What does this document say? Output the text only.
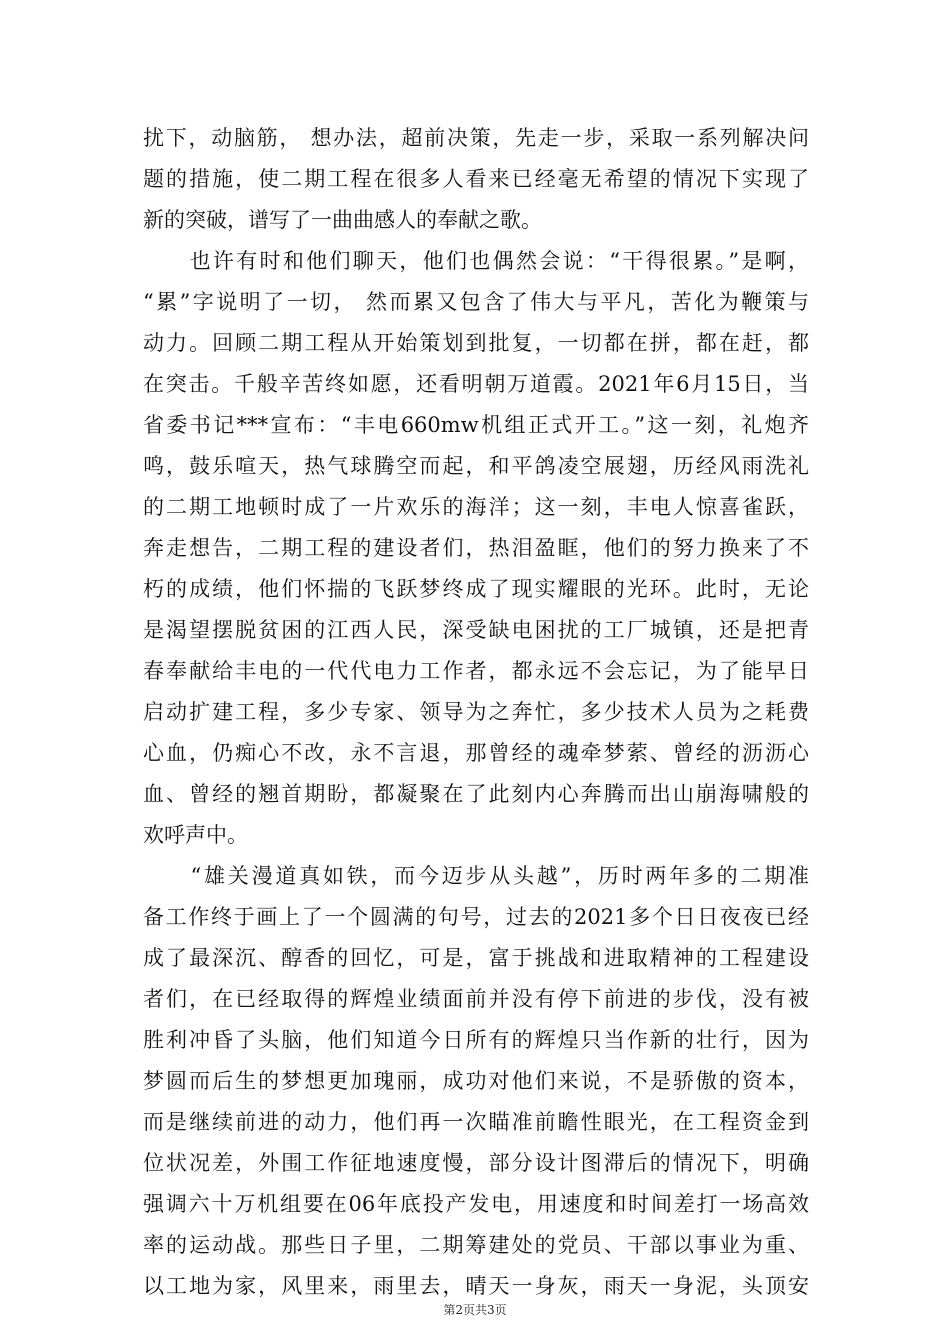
扰下，动脑筋， 想办法，超前决策，先走一步，采取一系列解决问
题的措施，使二期工程在很多人看来已经毫无希望的情况下实现了
新的突破，谱写了一曲曲感人的奉献之歌。
　　也许有时和他们聊天，他们也偶然会说：“干得很累。”是啊，
“累”字说明了一切， 然而累又包含了伟大与平凡，苦化为鞭策与
动力。回顾二期工程从开始策划到批复，一切都在拼，都在赶，都
在突击。千般辛苦终如愿，还看明朝万道霞。2021年6月15日，当
省委书记***宣布：“丰电660mw机组正式开工。”这一刻，礼炮齐
鸣，鼓乐喧天，热气球腾空而起，和平鸽凌空展翅，历经风雨洗礼
的二期工地顿时成了一片欢乐的海洋；这一刻，丰电人惊喜雀跃，
奔走想告，二期工程的建设者们，热泪盈眶，他们的努力换来了不
朽的成绩，他们怀揣的飞跃梦终成了现实耀眼的光环。此时，无论
是渴望摆脱贫困的江西人民，深受缺电困扰的工厂城镇，还是把青
春奉献给丰电的一代代电力工作者，都永远不会忘记，为了能早日
启动扩建工程，多少专家、领导为之奔忙，多少技术人员为之耗费
心血，仍痴心不改，永不言退，那曾经的魂牵梦萦、曾经的沥沥心
血、曾经的翘首期盼，都凝聚在了此刻内心奔腾而出山崩海啸般的
欢呼声中。
　　“雄关漫道真如铁，而今迈步从头越”，历时两年多的二期准
备工作终于画上了一个圆满的句号，过去的2021多个日日夜夜已经
成了最深沉、醇香的回忆，可是，富于挑战和进取精神的工程建设
者们，在已经取得的辉煌业绩面前并没有停下前进的步伐，没有被
胜利冲昏了头脑，他们知道今日所有的辉煌只当作新的壮行，因为
梦圆而后生的梦想更加瑰丽，成功对他们来说，不是骄傲的资本，
而是继续前进的动力，他们再一次瞄准前瞻性眼光，在工程资金到
位状况差，外围工作征地速度慢，部分设计图滞后的情况下，明确
强调六十万机组要在06年底投产发电，用速度和时间差打一场高效
率的运动战。那些日子里，二期筹建处的党员、干部以事业为重、
以工地为家，风里来，雨里去，晴天一身灰，雨天一身泥，头顶安
第2页共3页
